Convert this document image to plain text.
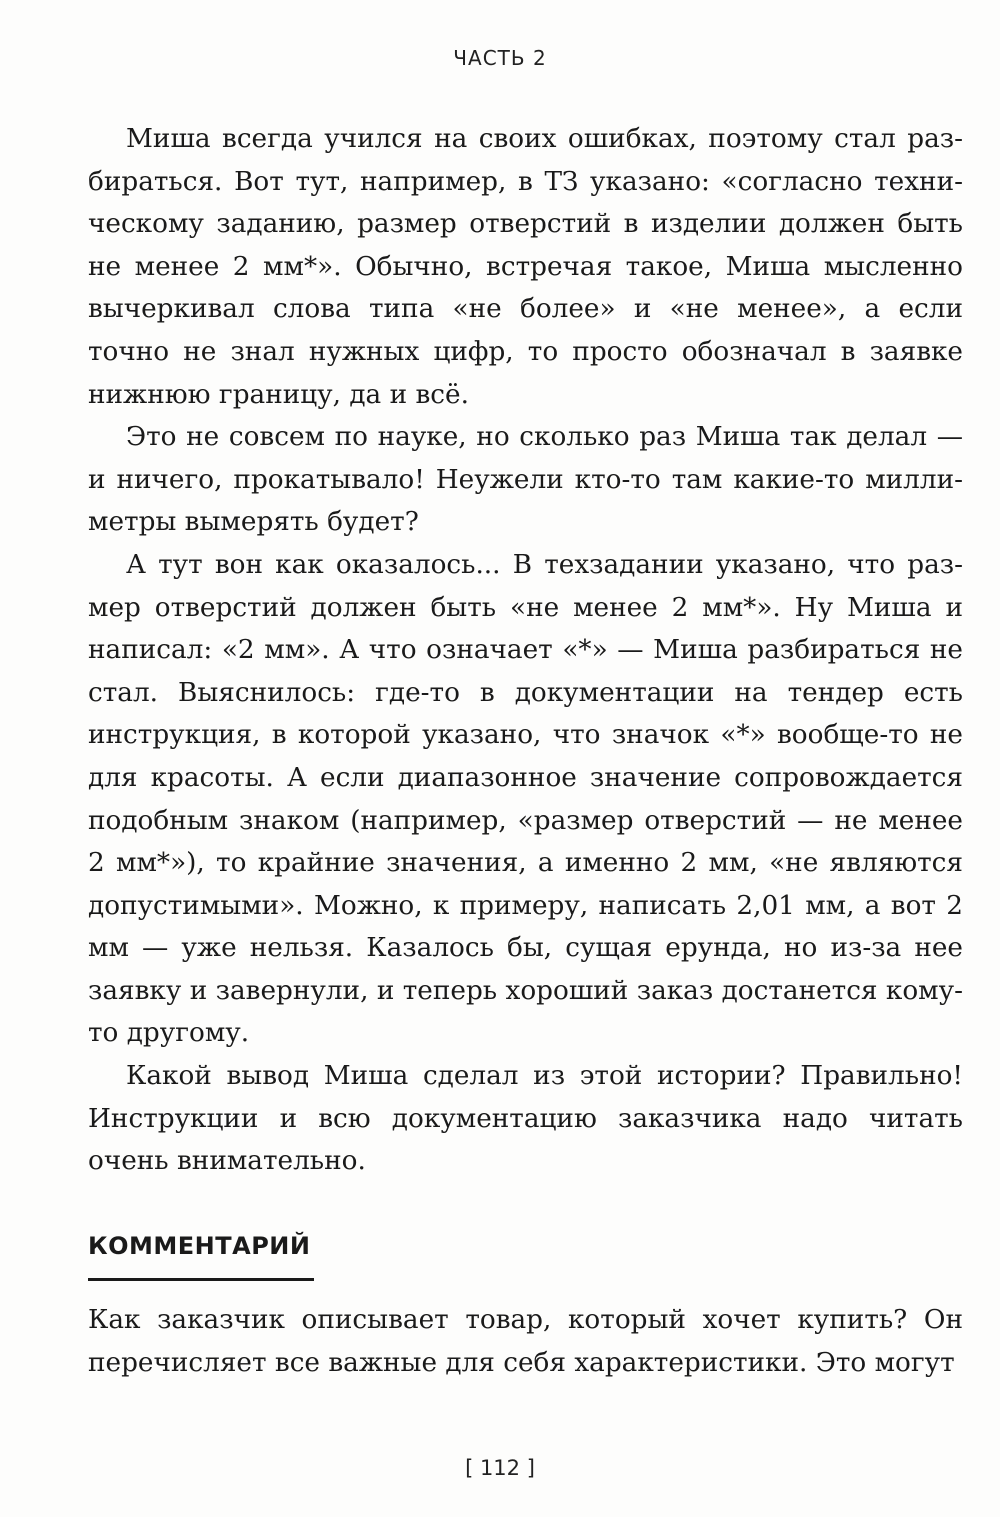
ЧАСТЬ 2

Миша всегда учился на своих ошибках, поэтому стал разбираться. Вот тут, например, в ТЗ указано: «согласно техническому заданию, размер отверстий в изделии должен быть не менее 2 мм*». Обычно, встречая такое, Миша мысленно вычеркивал слова типа «не более» и «не менее», а если точно не знал нужных цифр, то просто обозначал в заявке нижнюю границу, да и всё.

Это не совсем по науке, но сколько раз Миша так делал — и ничего, прокатывало! Неужели кто-то там какие-то миллиметры вымерять будет?

А тут вон как оказалось... В техзадании указано, что размер отверстий должен быть «не менее 2 мм*». Ну Миша и написал: «2 мм». А что означает «*» — Миша разбираться не стал. Выяснилось: где-то в документации на тендер есть инструкция, в которой указано, что значок «*» вообще-то не для красоты. А если диапазонное значение сопровождается подобным знаком (например, «размер отверстий — не менее 2 мм*»), то крайние значения, а именно 2 мм, «не являются допустимыми». Можно, к примеру, написать 2,01 мм, а вот 2 мм — уже нельзя. Казалось бы, сущая ерунда, но из-за нее заявку и завернули, и теперь хороший заказ достанется кому-то другому.

Какой вывод Миша сделал из этой истории? Правильно! Инструкции и всю документацию заказчика надо читать очень внимательно.

КОММЕНТАРИЙ

Как заказчик описывает товар, который хочет купить? Он перечисляет все важные для себя характеристики. Это могут

[ 112 ]
